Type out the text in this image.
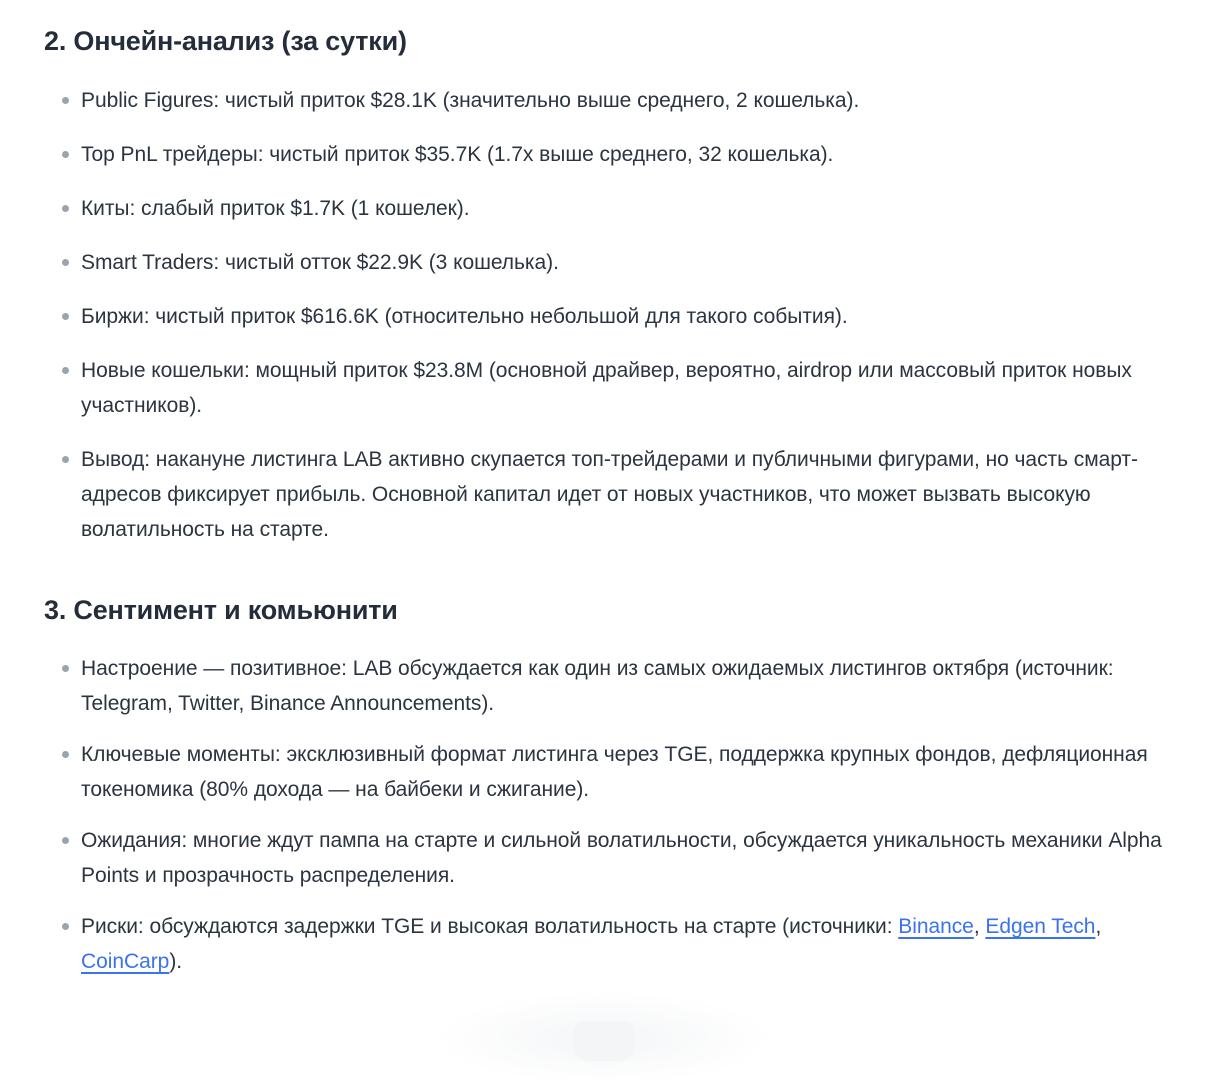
2. Ончейн-анализ (за сутки)
Public Figures: чистый приток $28.1K (значительно выше среднего, 2 кошелька).
Top PnL трейдеры: чистый приток $35.7K (1.7x выше среднего, 32 кошелька).
Киты: слабый приток $1.7K (1 кошелек).
Smart Traders: чистый отток $22.9K (3 кошелька).
Биржи: чистый приток $616.6K (относительно небольшой для такого события).
Новые кошельки: мощный приток $23.8M (основной драйвер, вероятно, airdrop или массовый приток новых участников).
Вывод: накануне листинга LAB активно скупается топ-трейдерами и публичными фигурами, но часть смарт-адресов фиксирует прибыль. Основной капитал идет от новых участников, что может вызвать высокую волатильность на старте.
3. Сентимент и комьюнити
Настроение — позитивное: LAB обсуждается как один из самых ожидаемых листингов октября (источник: Telegram, Twitter, Binance Announcements).
Ключевые моменты: эксклюзивный формат листинга через TGE, поддержка крупных фондов, дефляционная токеномика (80% дохода — на байбеки и сжигание).
Ожидания: многие ждут пампа на старте и сильной волатильности, обсуждается уникальность механики Alpha Points и прозрачность распределения.
Риски: обсуждаются задержки TGE и высокая волатильность на старте (источники: Binance, Edgen Tech, CoinCarp).
